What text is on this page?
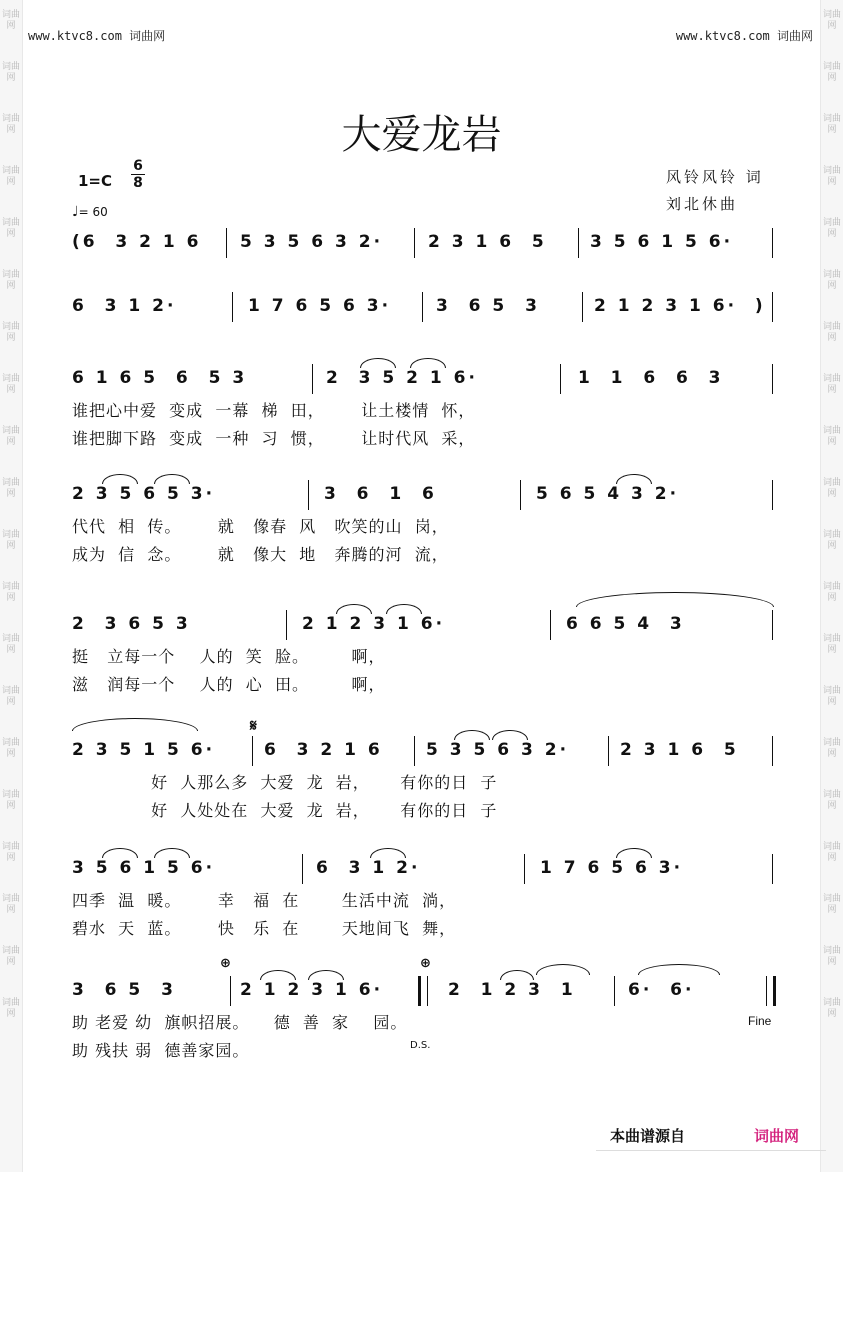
词曲网
词曲网
词曲网
词曲网
词曲网
词曲网
词曲网
词曲网
词曲网
词曲网
词曲网
词曲网
词曲网
词曲网
词曲网
词曲网
词曲网
词曲网
词曲网
词曲网
词曲网
词曲网
词曲网
词曲网
词曲网
词曲网
词曲网
词曲网
词曲网
词曲网
词曲网
词曲网
词曲网
词曲网
词曲网
词曲网
词曲网
词曲网
词曲网
词曲网
www.ktvc8.com 词曲网	www.ktvc8.com 词曲网
大爱龙岩
1=C
6
8
♩= 60
风铃风铃 词
刘北休曲

(6  3 2 1 6

5 3 5 6 3 2·

	2 3 1 6  5

	3 5 6 1 5 6·

6  3 1 2·

	1 7 6 5 6 3·

	3  6 5  3

	2 1 2 3 1 6·  )

6 1 6 5  6  5 3

	2  3 5 2 1 6·

	1  1  6  6  3

谁把心中爱  变成  一幕  梯  田，      让土楼情  怀，
谁把脚下路  变成  一种  习  惯，      让时代风  采，

2 3 5 6 5 3·

	3  6  1  6

	5 6 5 4 3 2·

代代  相  传。      就   像春  风   吹笑的山  岗，
成为  信  念。      就   像大  地   奔腾的河  流，

2  3 6 5 3

	2 1 2 3 1 6·

	6 6 5 4  3

挺   立每一个    人的  笑  脸。       啊，
滋   润每一个    人的  心  田。       啊，

2 3 5 1 5 6·

	6  3 2 1 6

	5 3 5 6 3 2·

	2 3 1 6  5

𝄋

好  人那么多  大爱  龙  岩，     有你的日  子
好  人处处在  大爱  龙  岩，     有你的日  子

3 5 6 1 5 6·

	6  3 1 2·

	1 7 6 5 6 3·

四季  温  暖。      幸   福  在       生活中流  淌，
碧水  天  蓝。      快   乐  在       天地间飞  舞，

3  6 5  3

	2 1 2 3 1 6·

	2  1 2 3  1

	6·  6·

⊕

	⊕

助 老爱 幼  旗帜招展。    德  善  家    园。
助 残扶 弱  德善家园。
Fine
D.S.
本曲谱源自	词曲网
